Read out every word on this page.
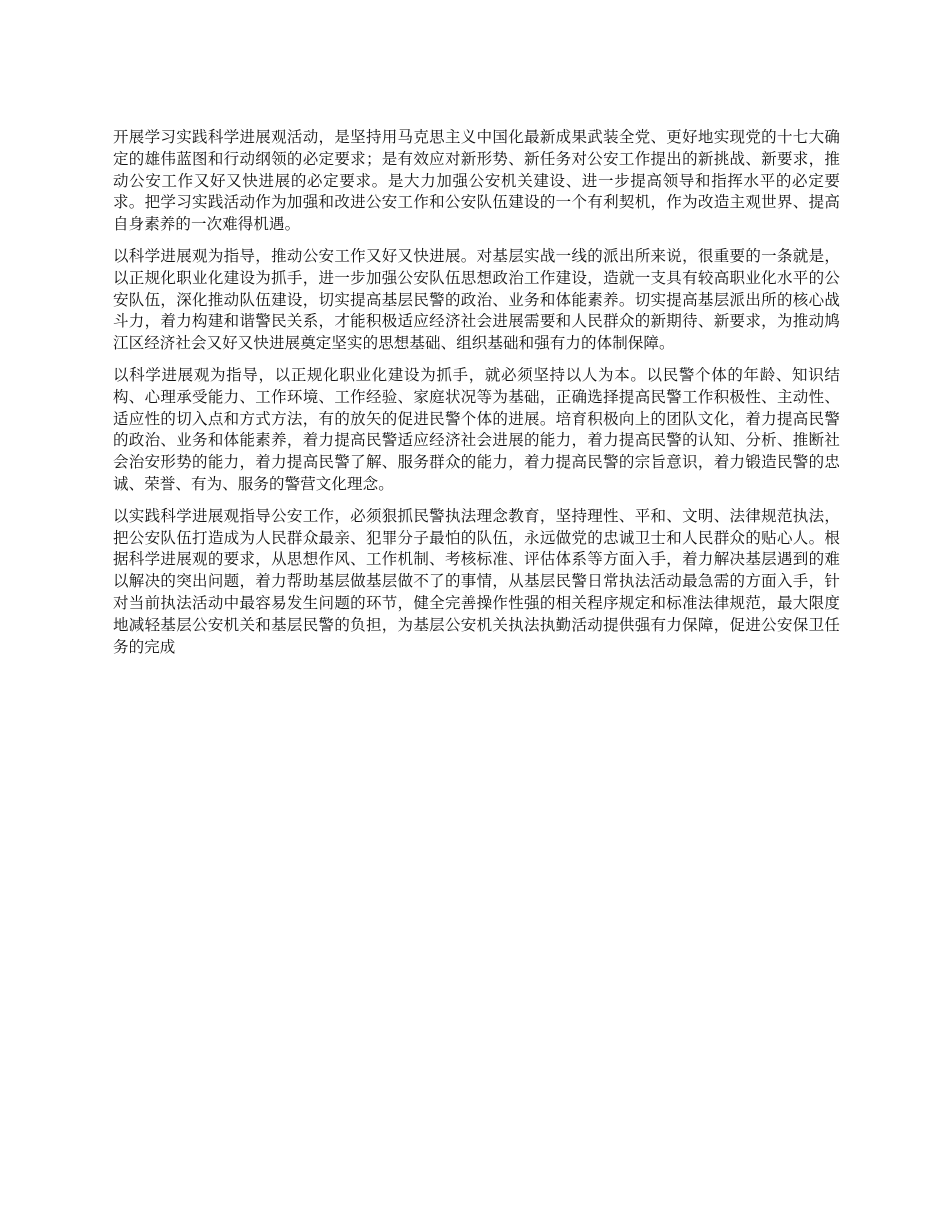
开展学习实践科学进展观活动，是坚持用马克思主义中国化最新成果武装全党、更好地实现党的十七大确定的雄伟蓝图和行动纲领的必定要求；是有效应对新形势、新任务对公安工作提出的新挑战、新要求，推动公安工作又好又快进展的必定要求。是大力加强公安机关建设、进一步提高领导和指挥水平的必定要求。把学习实践活动作为加强和改进公安工作和公安队伍建设的一个有利契机，作为改造主观世界、提高自身素养的一次难得机遇。

以科学进展观为指导，推动公安工作又好又快进展。对基层实战一线的派出所来说，很重要的一条就是，以正规化职业化建设为抓手，进一步加强公安队伍思想政治工作建设，造就一支具有较高职业化水平的公安队伍，深化推动队伍建设，切实提高基层民警的政治、业务和体能素养。切实提高基层派出所的核心战斗力，着力构建和谐警民关系，才能积极适应经济社会进展需要和人民群众的新期待、新要求，为推动鸠江区经济社会又好又快进展奠定坚实的思想基础、组织基础和强有力的体制保障。

以科学进展观为指导，以正规化职业化建设为抓手，就必须坚持以人为本。以民警个体的年龄、知识结构、心理承受能力、工作环境、工作经验、家庭状况等为基础，正确选择提高民警工作积极性、主动性、适应性的切入点和方式方法，有的放矢的促进民警个体的进展。培育积极向上的团队文化，着力提高民警的政治、业务和体能素养，着力提高民警适应经济社会进展的能力，着力提高民警的认知、分析、推断社会治安形势的能力，着力提高民警了解、服务群众的能力，着力提高民警的宗旨意识，着力锻造民警的忠诚、荣誉、有为、服务的警营文化理念。

以实践科学进展观指导公安工作，必须狠抓民警执法理念教育，坚持理性、平和、文明、法律规范执法，把公安队伍打造成为人民群众最亲、犯罪分子最怕的队伍，永远做党的忠诚卫士和人民群众的贴心人。根据科学进展观的要求，从思想作风、工作机制、考核标准、评估体系等方面入手，着力解决基层遇到的难以解决的突出问题，着力帮助基层做基层做不了的事情，从基层民警日常执法活动最急需的方面入手，针对当前执法活动中最容易发生问题的环节，健全完善操作性强的相关程序规定和标准法律规范，最大限度地减轻基层公安机关和基层民警的负担，为基层公安机关执法执勤活动提供强有力保障，促进公安保卫任务的完成
